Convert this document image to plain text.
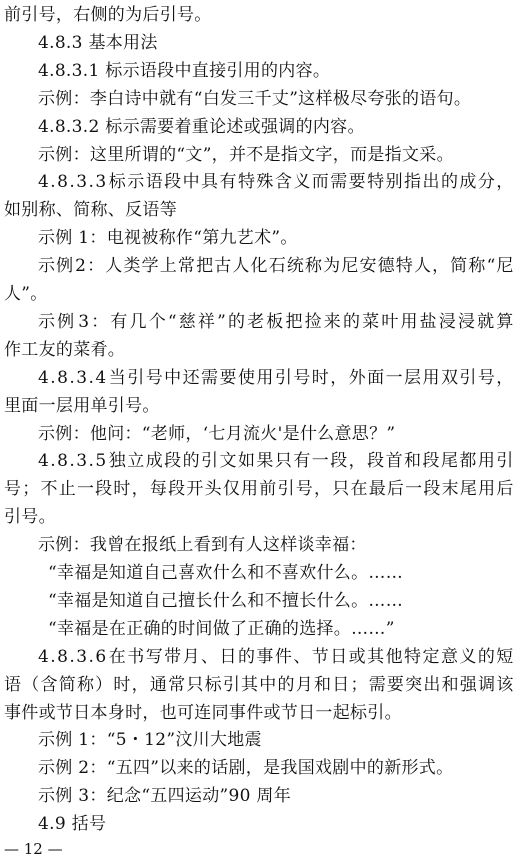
前引号，右侧的为后引号。
4.8.3 基本用法
4.8.3.1 标示语段中直接引用的内容。
示例：李白诗中就有“白发三千丈”这样极尽夸张的语句。
4.8.3.2 标示需要着重论述或强调的内容。
示例：这里所谓的“文”，并不是指文字，而是指文采。
4 . 8 . 3 . 3 标 示 语 段 中 具 有 特 殊 含 义 而 需 要 特 别 指 出 的 成 分 ，
如别称、简称、反语等
示例 1：电视被称作“第九艺术”。
示 例 2 ： 人 类 学 上 常 把 古 人 化 石 统 称 为 尼 安 德 特 人 ， 简 称 “ 尼
人”。
示 例 3 ： 有 几 个 “ 慈 祥 ” 的 老 板 把 捡 来 的 菜 叶 用 盐 浸 浸 就 算
作工友的菜肴。
4 . 8 . 3 . 4 当 引 号 中 还 需 要 使 用 引 号 时 ， 外 面 一 层 用 双 引 号 ，
里面一层用单引号。
示例：他问：“老师，‘七月流火'是什么意思？”
4 . 8 . 3 . 5 独 立 成 段 的 引 文 如 果 只 有 一 段 ， 段 首 和 段 尾 都 用 引
号 ； 不 止 一 段 时 ， 每 段 开 头 仅 用 前 引 号 ， 只 在 最 后 一 段 末 尾 用 后
引号。
示例：我曾在报纸上看到有人这样谈幸福：
“幸福是知道自己喜欢什么和不喜欢什么。……
“幸福是知道自己擅长什么和不擅长什么。……
“幸福是在正确的时间做了正确的选择。……”
4 . 8 . 3 . 6 在 书 写 带 月 、 日 的 事 件 、 节 日 或 其 他 特 定 意 义 的 短
语 （ 含 简 称 ） 时 ， 通 常 只 标 引 其 中 的 月 和 日 ； 需 要 突 出 和 强 调 该
事件或节日本身时，也可连同事件或节日一起标引。
示例 1：“5・12”汶川大地震
示例 2：“五四”以来的话剧，是我国戏剧中的新形式。
示例 3：纪念“五四运动”90 周年
4.9 括号
— 12 —
